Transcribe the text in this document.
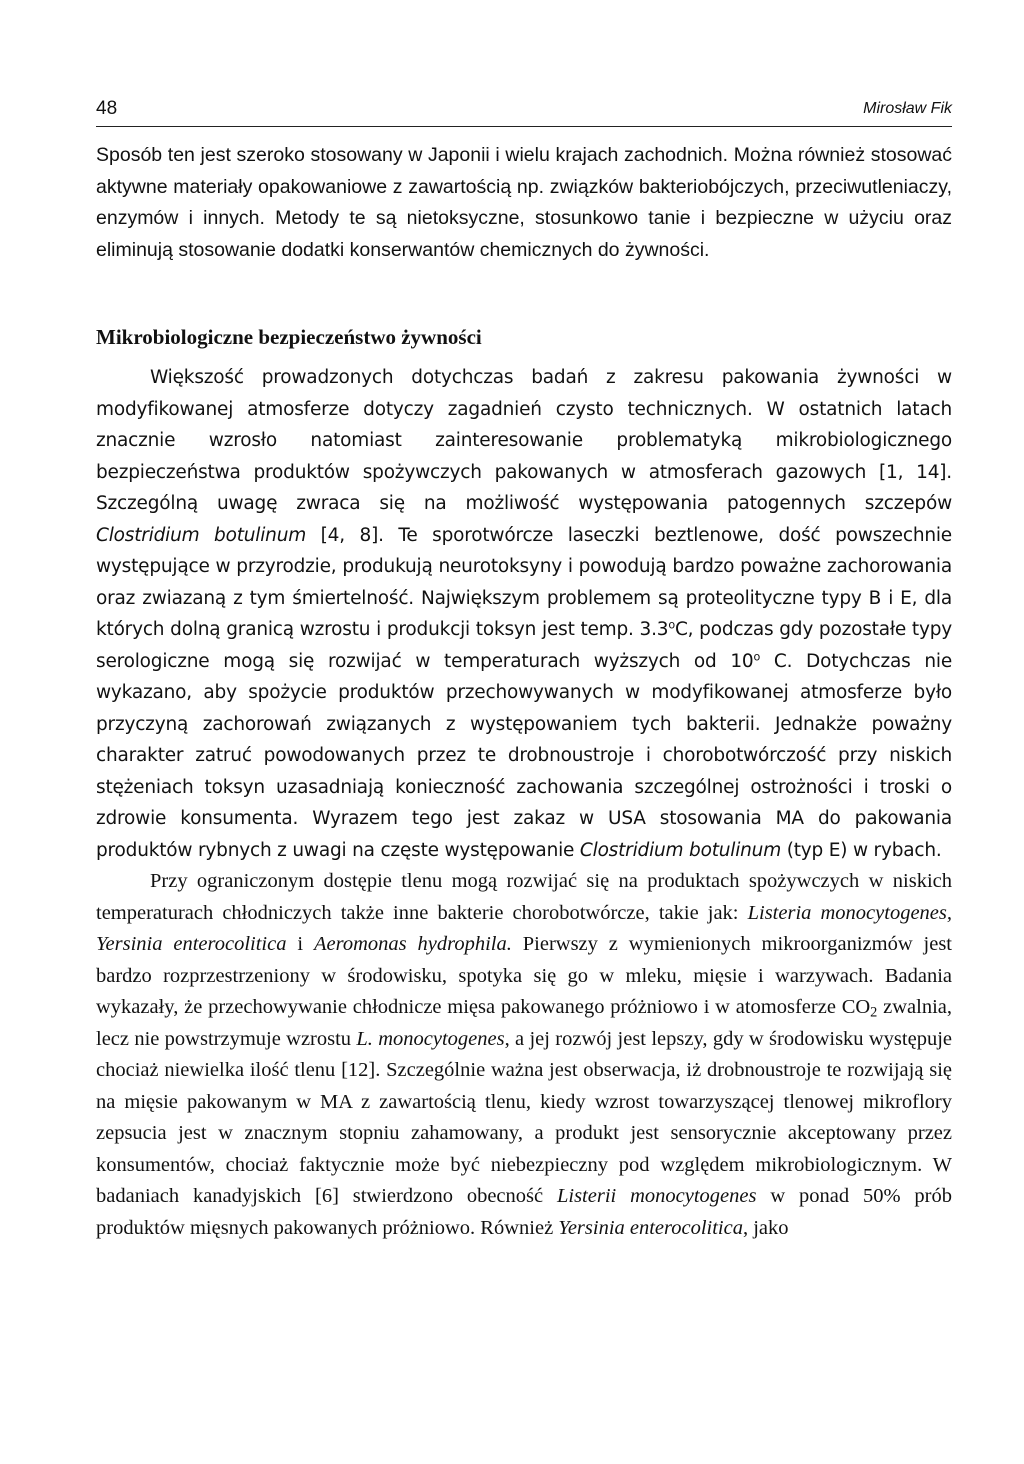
48	Mirosław Fik

Sposób ten jest szeroko stosowany w Japonii i wielu krajach zachodnich. Można również stosować aktywne materiały opakowaniowe z zawartością np. związków bakteriobójczych, przeciwutleniaczy, enzymów i innych. Metody te są nietoksyczne, stosunkowo tanie i bezpieczne w użyciu oraz eliminują stosowanie dodatki konserwantów chemicznych do żywności.

Mikrobiologiczne bezpieczeństwo żywności

Większość prowadzonych dotychczas badań z zakresu pakowania żywności w modyfikowanej atmosferze dotyczy zagadnień czysto technicznych. W ostatnich latach znacznie wzrosło natomiast zainteresowanie problematyką mikrobiologicznego bezpieczeństwa produktów spożywczych pakowanych w atmosferach gazowych [1, 14]. Szczególną uwagę zwraca się na możliwość występowania patogennych szczepów Clostridium botulinum [4, 8]. Te sporotwórcze laseczki beztlenowe, dość powszechnie występujące w przyrodzie, produkują neurotoksyny i powodują bardzo poważne zachorowania oraz zwiazaną z tym śmiertelność. Największym problemem są proteolityczne typy B i E, dla których dolną granicą wzrostu i produkcji toksyn jest temp. 3.3$^o$C, podczas gdy pozostałe typy serologiczne mogą się rozwijać w temperaturach wyższych od 10$^o$ C. Dotychczas nie wykazano, aby spożycie produktów przechowywanych w modyfikowanej atmosferze było przyczyną zachorowań związanych z występowaniem tych bakterii. Jednakże poważny charakter zatruć powodowanych przez te drobnoustroje i chorobotwórczość przy niskich stężeniach toksyn uzasadniają konieczność zachowania szczególnej ostrożności i troski o zdrowie konsumenta. Wyrazem tego jest zakaz w USA stosowania MA do pakowania produktów rybnych z uwagi na częste występowanie Clostridium botulinum (typ E) w rybach.

Przy ograniczonym dostępie tlenu mogą rozwijać się na produktach spożywczych w niskich temperaturach chłodniczych także inne bakterie chorobotwórcze, takie jak: Listeria monocytogenes, Yersinia enterocolitica i Aeromonas hydrophila. Pierwszy z wymienionych mikroorganizmów jest bardzo rozprzestrzeniony w środowisku, spotyka się go w mleku, mięsie i warzywach. Badania wykazały, że przechowywanie chłodnicze mięsa pakowanego próżniowo i w atomosferze $CO_2$ zwalnia, lecz nie powstrzymuje wzrostu L. monocytogenes, a jej rozwój jest lepszy, gdy w środowisku występuje chociaż niewielka ilość tlenu [12]. Szczególnie ważna jest obserwacja, iż drobnoustroje te rozwijają się na mięsie pakowanym w MA z zawartością tlenu, kiedy wzrost towarzyszącej tlenowej mikroflory zepsucia jest w znacznym stopniu zahamowany, a produkt jest sensorycznie akceptowany przez konsumentów, chociaż faktycznie może być niebezpieczny pod względem mikrobiologicznym. W badaniach kanadyjskich [6] stwierdzono obecność Listerii monocytogenes w ponad 50% prób produktów mięsnych pakowanych próżniowo. Również Yersinia enterocolitica, jako
